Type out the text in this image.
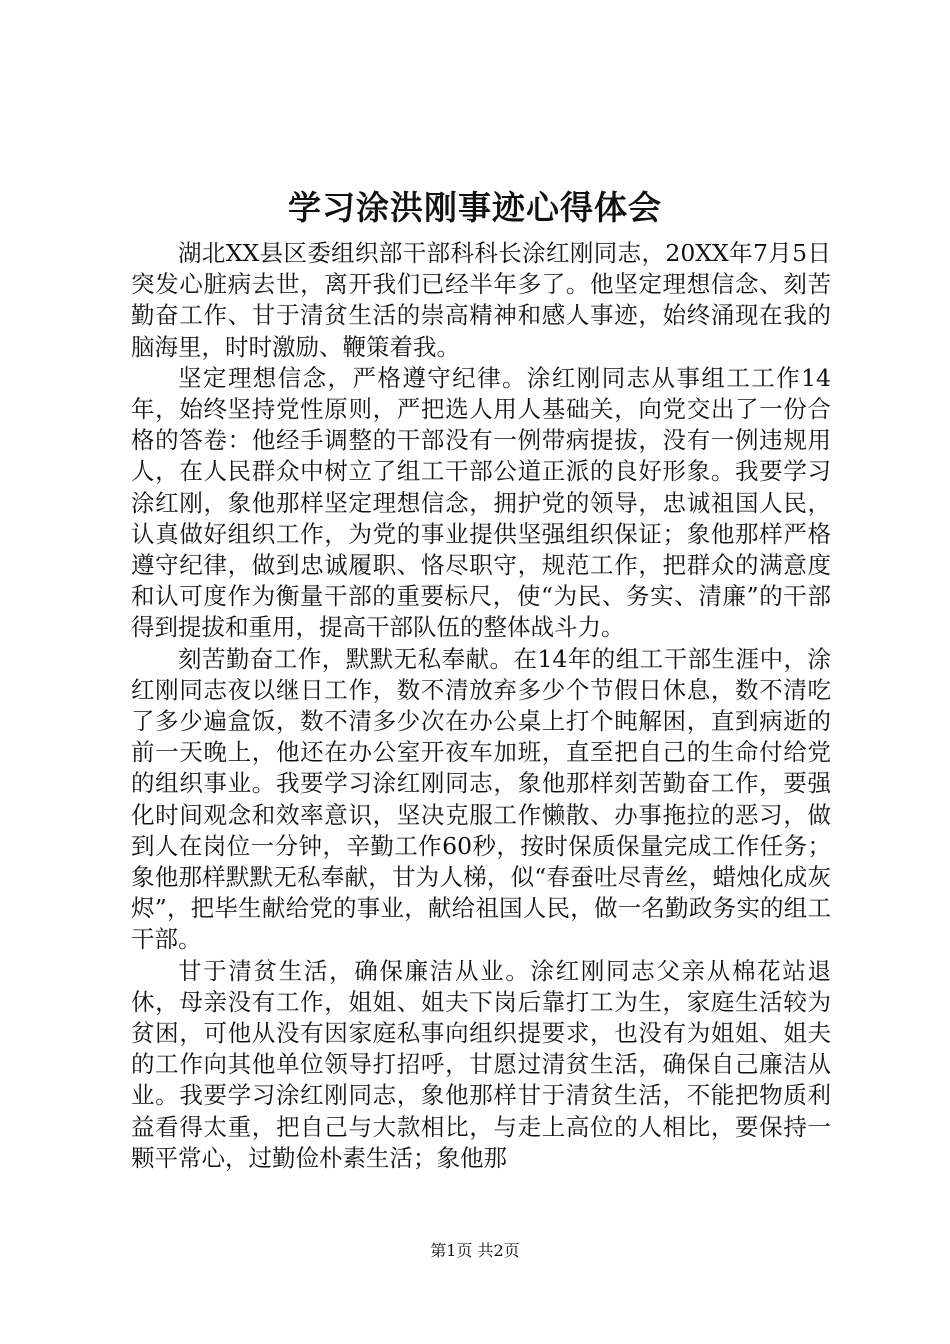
学习涂洪刚事迹心得体会

湖北XX县区委组织部干部科科长涂红刚同志，20XX年7月5日突发心脏病去世，离开我们已经半年多了。他坚定理想信念、刻苦勤奋工作、甘于清贫生活的崇高精神和感人事迹，始终涌现在我的脑海里，时时激励、鞭策着我。

坚定理想信念，严格遵守纪律。涂红刚同志从事组工工作14年，始终坚持党性原则，严把选人用人基础关，向党交出了一份合格的答卷：他经手调整的干部没有一例带病提拔，没有一例违规用人，在人民群众中树立了组工干部公道正派的良好形象。我要学习涂红刚，象他那样坚定理想信念，拥护党的领导，忠诚祖国人民，认真做好组织工作，为党的事业提供坚强组织保证；象他那样严格遵守纪律，做到忠诚履职、恪尽职守，规范工作，把群众的满意度和认可度作为衡量干部的重要标尺，使“为民、务实、清廉”的干部得到提拔和重用，提高干部队伍的整体战斗力。

刻苦勤奋工作，默默无私奉献。在14年的组工干部生涯中，涂红刚同志夜以继日工作，数不清放弃多少个节假日休息，数不清吃了多少遍盒饭，数不清多少次在办公桌上打个盹解困，直到病逝的前一天晚上，他还在办公室开夜车加班，直至把自己的生命付给党的组织事业。我要学习涂红刚同志，象他那样刻苦勤奋工作，要强化时间观念和效率意识，坚决克服工作懒散、办事拖拉的恶习，做到人在岗位一分钟，辛勤工作60秒，按时保质保量完成工作任务；象他那样默默无私奉献，甘为人梯，似“春蚕吐尽青丝，蜡烛化成灰烬”，把毕生献给党的事业，献给祖国人民，做一名勤政务实的组工干部。

甘于清贫生活，确保廉洁从业。涂红刚同志父亲从棉花站退休，母亲没有工作，姐姐、姐夫下岗后靠打工为生，家庭生活较为贫困，可他从没有因家庭私事向组织提要求，也没有为姐姐、姐夫的工作向其他单位领导打招呼，甘愿过清贫生活，确保自己廉洁从业。我要学习涂红刚同志，象他那样甘于清贫生活，不能把物质利益看得太重，把自己与大款相比，与走上高位的人相比，要保持一颗平常心，过勤俭朴素生活；象他那

第1页 共2页
